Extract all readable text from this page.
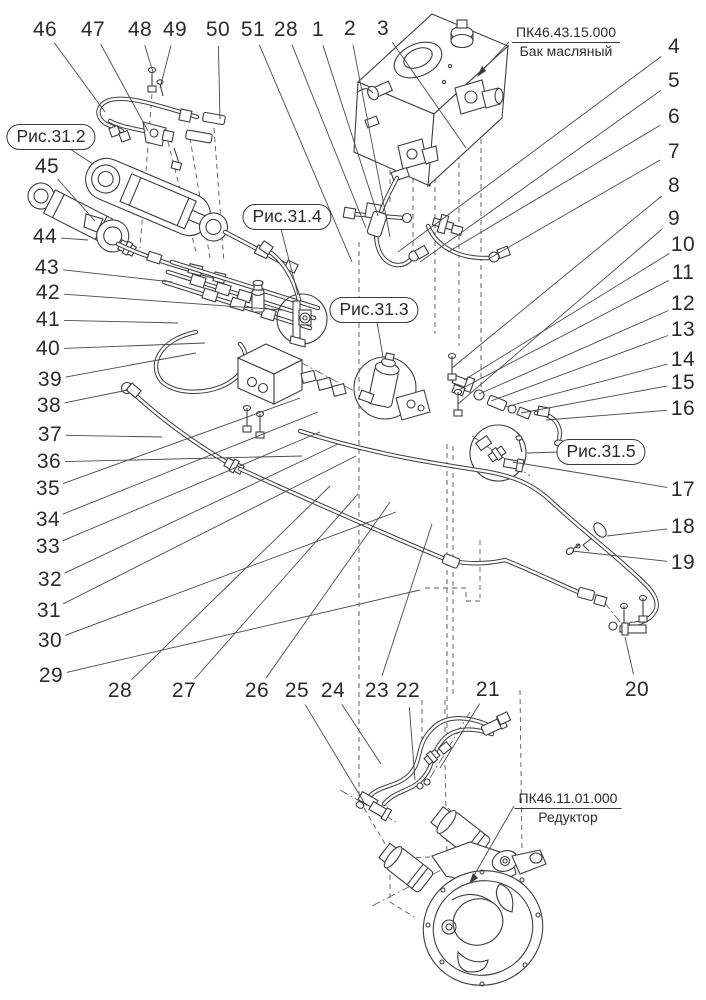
46 47 48 49 50 51 28 1 2 3
4
5
6
7
8
9
10
11
12
13
14
15
16
17
18
19
20
21
22
23
24
25
26
27
28
29
30
31
32
33
34
35
36
37
38
39
40
41
42
43
44
45
Рис.31.2
Рис.31.4
Рис.31.3
Рис.31.5
ПК46.43.15.000
Бак масляный
ПК46.11.01.000
Редуктор
